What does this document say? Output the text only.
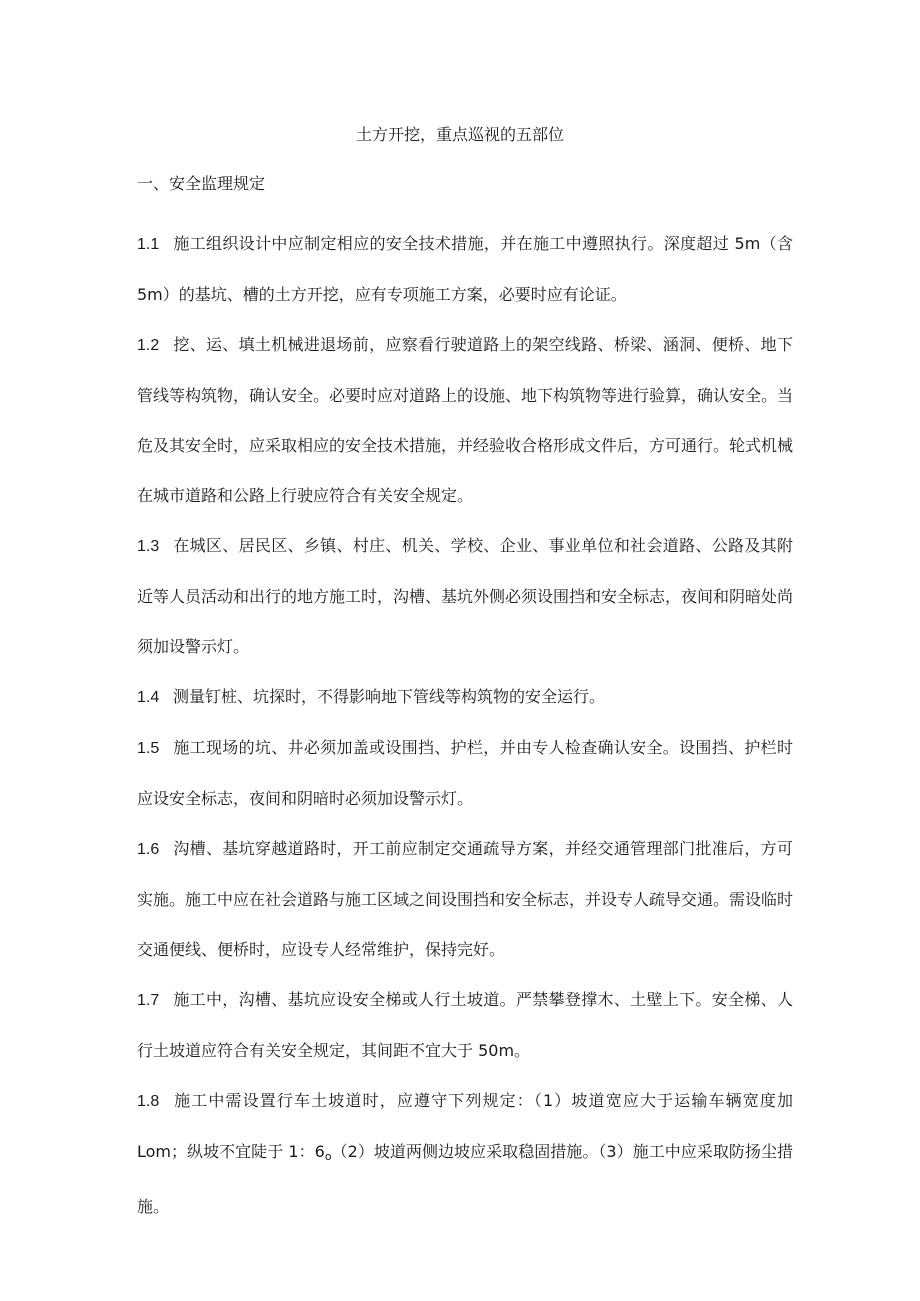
土方开挖，重点巡视的五部位
一、安全监理规定

1.1 施工组织设计中应制定相应的安全技术措施，并在施工中遵照执行。深度超过 5m（含 5m）的基坑、槽的土方开挖，应有专项施工方案，必要时应有论证。

1.2 挖、运、填土机械进退场前，应察看行驶道路上的架空线路、桥梁、涵洞、便桥、地下管线等构筑物，确认安全。必要时应对道路上的设施、地下构筑物等进行验算，确认安全。当危及其安全时，应采取相应的安全技术措施，并经验收合格形成文件后，方可通行。轮式机械在城市道路和公路上行驶应符合有关安全规定。

1.3 在城区、居民区、乡镇、村庄、机关、学校、企业、事业单位和社会道路、公路及其附近等人员活动和出行的地方施工时，沟槽、基坑外侧必须设围挡和安全标志，夜间和阴暗处尚须加设警示灯。

1.4 测量钉桩、坑探时，不得影响地下管线等构筑物的安全运行。

1.5 施工现场的坑、井必须加盖或设围挡、护栏，并由专人检查确认安全。设围挡、护栏时应设安全标志，夜间和阴暗时必须加设警示灯。

1.6 沟槽、基坑穿越道路时，开工前应制定交通疏导方案，并经交通管理部门批准后，方可实施。施工中应在社会道路与施工区域之间设围挡和安全标志，并设专人疏导交通。需设临时交通便线、便桥时，应设专人经常维护，保持完好。

1.7 施工中，沟槽、基坑应设安全梯或人行土坡道。严禁攀登撑木、土壁上下。安全梯、人行土坡道应符合有关安全规定，其间距不宜大于 50m。

1.8 施工中需设置行车土坡道时，应遵守下列规定：（1）坡道宽应大于运输车辆宽度加 Lom；纵坡不宜陡于 1：$6_o(2)$坡道两侧边坡应采取稳固措施。（3）施工中应采取防扬尘措施。
